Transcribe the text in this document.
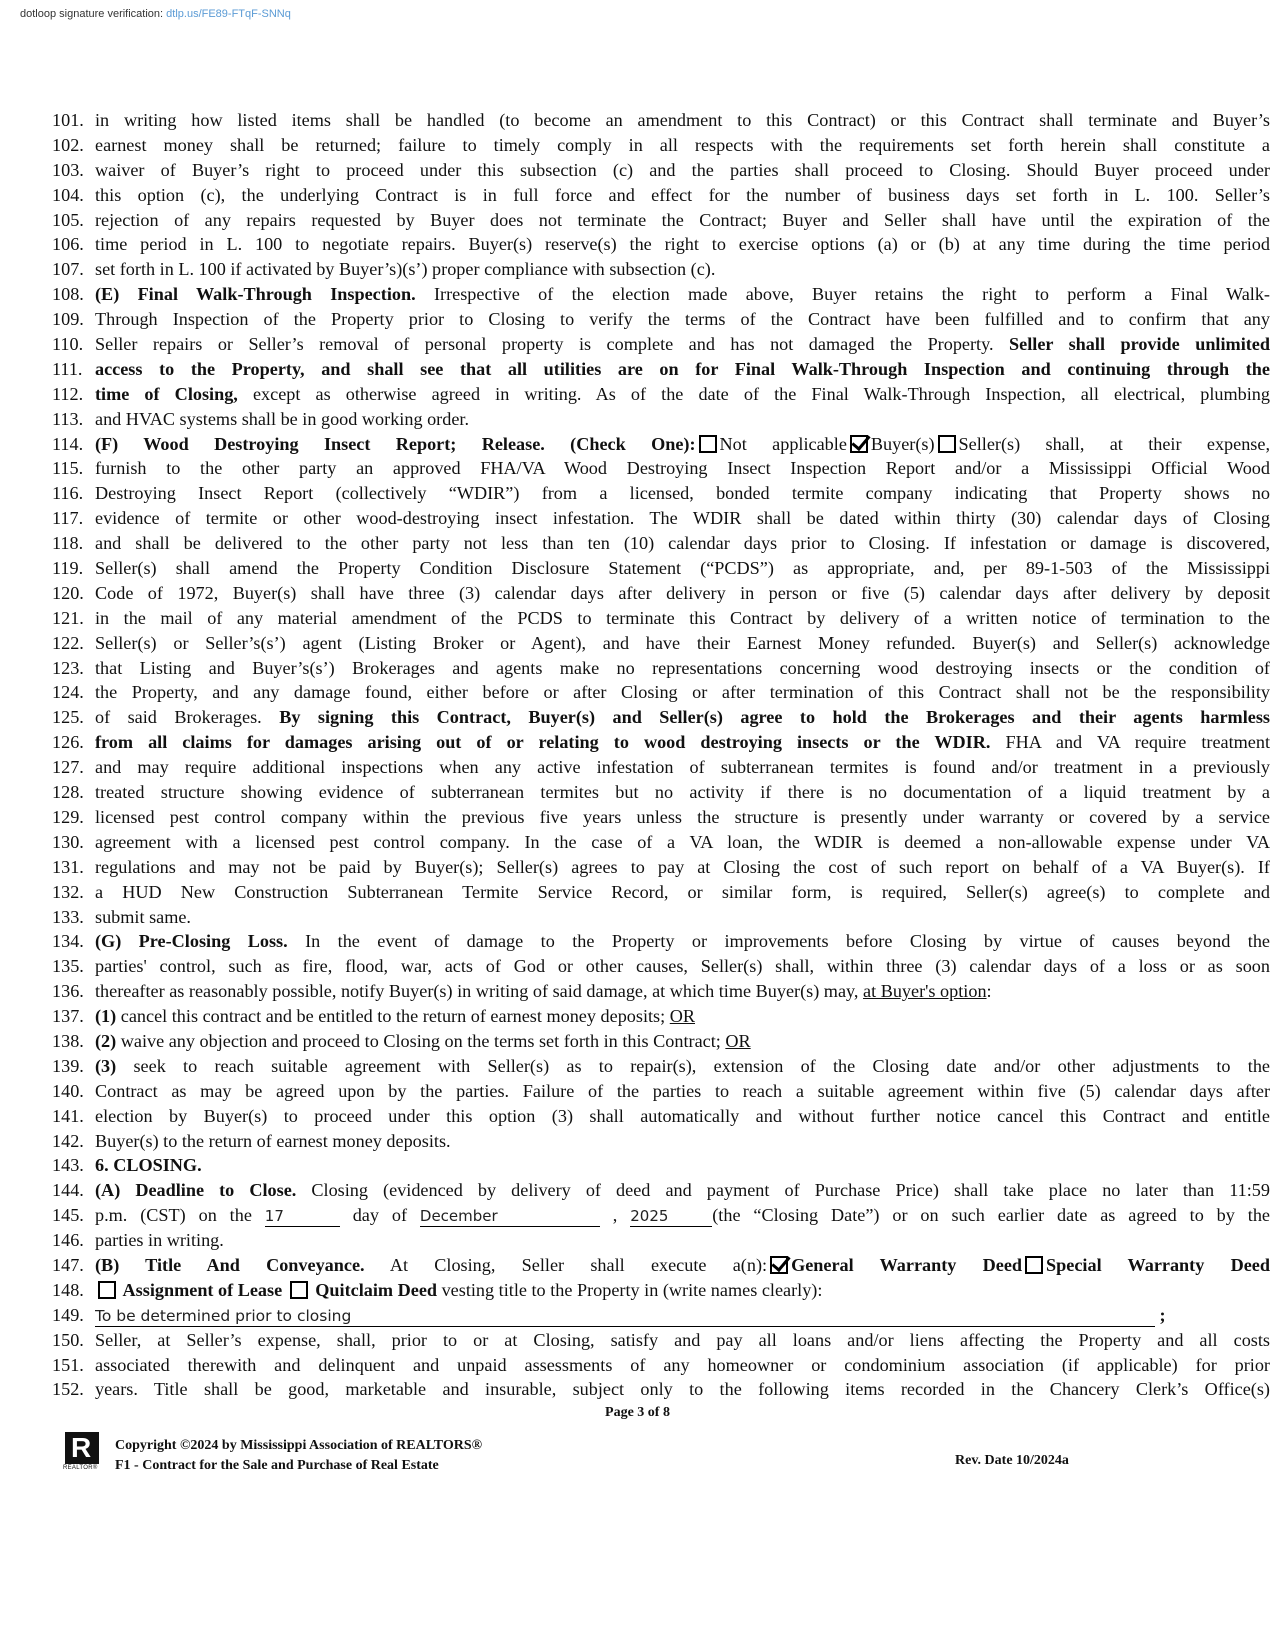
dotloop signature verification: dtlp.us/FE89-FTqF-SNNq
101. in writing how listed items shall be handled (to become an amendment to this Contract) or this Contract shall terminate and Buyer’s
102. earnest money shall be returned; failure to timely comply in all respects with the requirements set forth herein shall constitute a
103. waiver of Buyer’s right to proceed under this subsection (c) and the parties shall proceed to Closing. Should Buyer proceed under
104. this option (c), the underlying Contract is in full force and effect for the number of business days set forth in L. 100. Seller’s
105. rejection of any repairs requested by Buyer does not terminate the Contract; Buyer and Seller shall have until the expiration of the
106. time period in L. 100 to negotiate repairs. Buyer(s) reserve(s) the right to exercise options (a) or (b) at any time during the time period
107. set forth in L. 100 if activated by Buyer’s)(s’) proper compliance with subsection (c).
108. (E) Final Walk-Through Inspection. Irrespective of the election made above, Buyer retains the right to perform a Final Walk-
109. Through Inspection of the Property prior to Closing to verify the terms of the Contract have been fulfilled and to confirm that any
110. Seller repairs or Seller’s removal of personal property is complete and has not damaged the Property. Seller shall provide unlimited
111. access to the Property, and shall see that all utilities are on for Final Walk-Through Inspection and continuing through the
112. time of Closing, except as otherwise agreed in writing. As of the date of the Final Walk-Through Inspection, all electrical, plumbing
113. and HVAC systems shall be in good working order.
114. (F) Wood Destroying Insect Report; Release. (Check One): Not applicable Buyer(s) Seller(s) shall, at their expense,
115. furnish to the other party an approved FHA/VA Wood Destroying Insect Inspection Report and/or a Mississippi Official Wood
116. Destroying Insect Report (collectively “WDIR”) from a licensed, bonded termite company indicating that Property shows no
117. evidence of termite or other wood-destroying insect infestation. The WDIR shall be dated within thirty (30) calendar days of Closing
118. and shall be delivered to the other party not less than ten (10) calendar days prior to Closing. If infestation or damage is discovered,
119. Seller(s) shall amend the Property Condition Disclosure Statement (“PCDS”) as appropriate, and, per 89-1-503 of the Mississippi
120. Code of 1972, Buyer(s) shall have three (3) calendar days after delivery in person or five (5) calendar days after delivery by deposit
121. in the mail of any material amendment of the PCDS to terminate this Contract by delivery of a written notice of termination to the
122. Seller(s) or Seller’s(s’) agent (Listing Broker or Agent), and have their Earnest Money refunded. Buyer(s) and Seller(s) acknowledge
123. that Listing and Buyer’s(s’) Brokerages and agents make no representations concerning wood destroying insects or the condition of
124. the Property, and any damage found, either before or after Closing or after termination of this Contract shall not be the responsibility
125. of said Brokerages. By signing this Contract, Buyer(s) and Seller(s) agree to hold the Brokerages and their agents harmless
126. from all claims for damages arising out of or relating to wood destroying insects or the WDIR. FHA and VA require treatment
127. and may require additional inspections when any active infestation of subterranean termites is found and/or treatment in a previously
128. treated structure showing evidence of subterranean termites but no activity if there is no documentation of a liquid treatment by a
129. licensed pest control company within the previous five years unless the structure is presently under warranty or covered by a service
130. agreement with a licensed pest control company. In the case of a VA loan, the WDIR is deemed a non-allowable expense under VA
131. regulations and may not be paid by Buyer(s); Seller(s) agrees to pay at Closing the cost of such report on behalf of a VA Buyer(s). If
132. a HUD New Construction Subterranean Termite Service Record, or similar form, is required, Seller(s) agree(s) to complete and
133. submit same.
134. (G) Pre-Closing Loss. In the event of damage to the Property or improvements before Closing by virtue of causes beyond the
135. parties' control, such as fire, flood, war, acts of God or other causes, Seller(s) shall, within three (3) calendar days of a loss or as soon
136. thereafter as reasonably possible, notify Buyer(s) in writing of said damage, at which time Buyer(s) may, at Buyer's option:
137. (1) cancel this contract and be entitled to the return of earnest money deposits; OR
138. (2) waive any objection and proceed to Closing on the terms set forth in this Contract; OR
139. (3) seek to reach suitable agreement with Seller(s) as to repair(s), extension of the Closing date and/or other adjustments to the
140. Contract as may be agreed upon by the parties. Failure of the parties to reach a suitable agreement within five (5) calendar days after
141. election by Buyer(s) to proceed under this option (3) shall automatically and without further notice cancel this Contract and entitle
142. Buyer(s) to the return of earnest money deposits.
143. 6. CLOSING.
144. (A) Deadline to Close. Closing (evidenced by delivery of deed and payment of Purchase Price) shall take place no later than 11:59
145. p.m. (CST) on the 17	day of December	, 2025 (the “Closing Date”) or on such earlier date as agreed to by the
146. parties in writing.
147. (B) Title And Conveyance. At Closing, Seller shall execute a(n): General Warranty Deed Special Warranty Deed
148.	Assignment of Lease  Quitclaim Deed vesting title to the Property in (write names clearly):
149. To be determined prior to closing	;
150. Seller, at Seller’s expense, shall, prior to or at Closing, satisfy and pay all loans and/or liens affecting the Property and all costs
151. associated therewith and delinquent and unpaid assessments of any homeowner or condominium association (if applicable) for prior
152. years. Title shall be good, marketable and insurable, subject only to the following items recorded in the Chancery Clerk’s Office(s)
Page 3 of 8
R
REALTOR®
Copyright ©2024 by Mississippi Association of REALTORS®
F1 - Contract for the Sale and Purchase of Real Estate	Rev. Date 10/2024a
